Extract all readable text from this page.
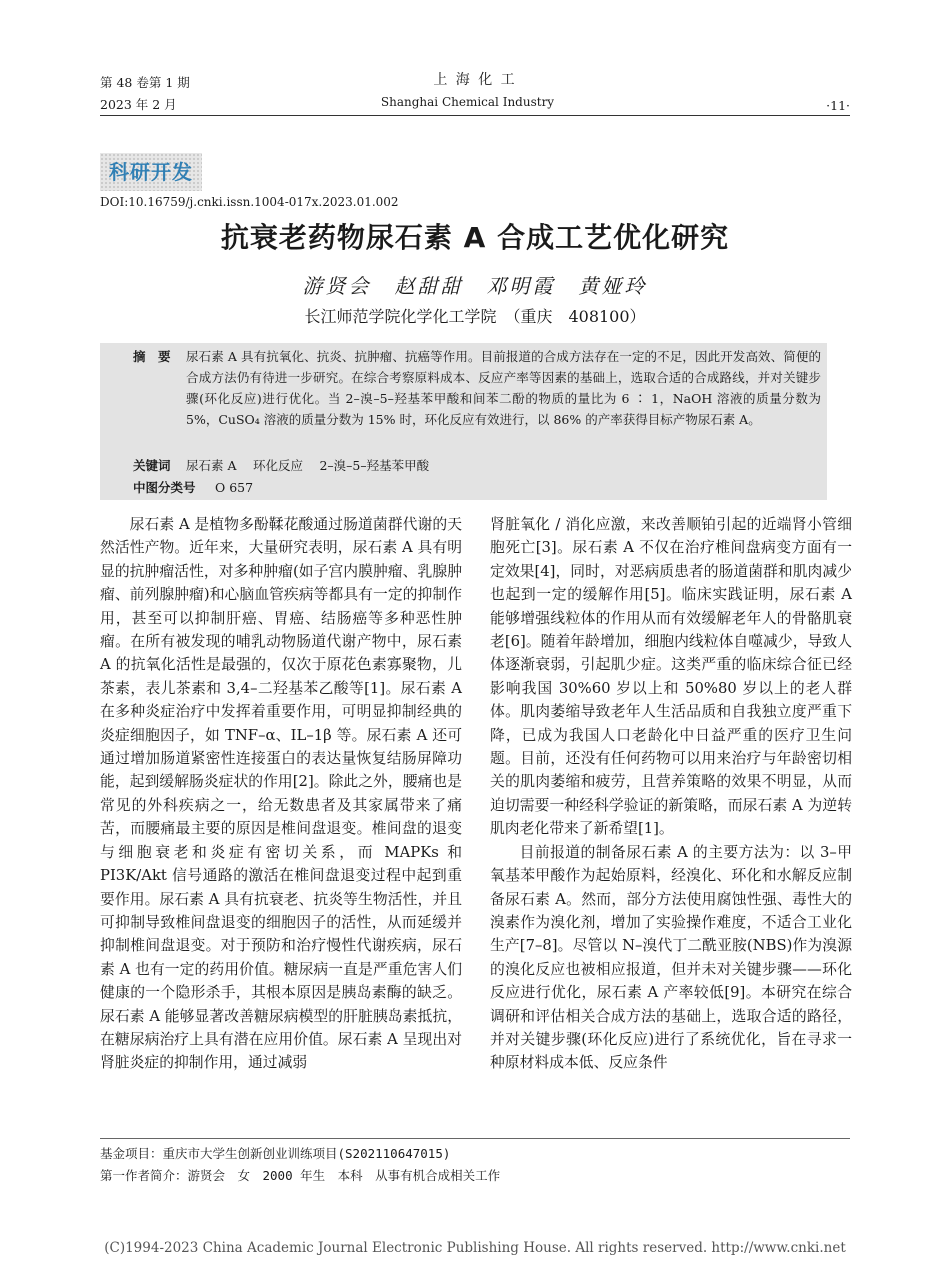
第 48 卷第 1 期
2023 年 2 月
上 海 化 工
Shanghai Chemical Industry	·11·
科研开发
DOI:10.16759/j.cnki.issn.1004-017x.2023.01.002
抗衰老药物尿石素 A 合成工艺优化研究
游贤会　赵甜甜　邓明霞　黄娅玲
长江师范学院化学化工学院　（重庆　408100）
摘　要 尿石素 A 具有抗氧化、抗炎、抗肿瘤、抗癌等作用。目前报道的合成方法存在一定的不足，因此开发高效、简便的合成方法仍有待进一步研究。在综合考察原料成本、反应产率等因素的基础上，选取合适的合成路线，并对关键步骤(环化反应)进行优化。当 2–溴–5–羟基苯甲酸和间苯二酚的物质的量比为 6 ∶ 1，NaOH 溶液的质量分数为 5%，CuSO₄ 溶液的质量分数为 15% 时，环化反应有效进行，以 86% 的产率获得目标产物尿石素 A。
关键词 尿石素 A　 环化反应　 2–溴–5–羟基苯甲酸
中图分类号 O 657

尿石素 A 是植物多酚鞣花酸通过肠道菌群代谢的天然活性产物。近年来，大量研究表明，尿石素 A 具有明显的抗肿瘤活性，对多种肿瘤(如子宫内膜肿瘤、乳腺肿瘤、前列腺肿瘤)和心脑血管疾病等都具有一定的抑制作用，甚至可以抑制肝癌、胃癌、结肠癌等多种恶性肿瘤。在所有被发现的哺乳动物肠道代谢产物中，尿石素 A 的抗氧化活性是最强的，仅次于原花色素寡聚物，儿茶素，表儿茶素和 3,4–二羟基苯乙酸等[1]。尿石素 A 在多种炎症治疗中发挥着重要作用，可明显抑制经典的炎症细胞因子，如 TNF–α、IL–1β 等。尿石素 A 还可通过增加肠道紧密性连接蛋白的表达量恢复结肠屏障功能，起到缓解肠炎症状的作用[2]。除此之外，腰痛也是常见的外科疾病之一，给无数患者及其家属带来了痛苦，而腰痛最主要的原因是椎间盘退变。椎间盘的退变与细胞衰老和炎症有密切关系，而 MAPKs 和 PI3K/Akt 信号通路的激活在椎间盘退变过程中起到重要作用。尿石素 A 具有抗衰老、抗炎等生物活性，并且可抑制导致椎间盘退变的细胞因子的活性，从而延缓并抑制椎间盘退变。对于预防和治疗慢性代谢疾病，尿石素 A 也有一定的药用价值。糖尿病一直是严重危害人们健康的一个隐形杀手，其根本原因是胰岛素酶的缺乏。尿石素 A 能够显著改善糖尿病模型的肝脏胰岛素抵抗，在糖尿病治疗上具有潜在应用价值。尿石素 A 呈现出对肾脏炎症的抑制作用，通过减弱

肾脏氧化 / 消化应激，来改善顺铂引起的近端肾小管细胞死亡[3]。尿石素 A 不仅在治疗椎间盘病变方面有一定效果[4]，同时，对恶病质患者的肠道菌群和肌肉减少也起到一定的缓解作用[5]。临床实践证明，尿石素 A 能够增强线粒体的作用从而有效缓解老年人的骨骼肌衰老[6]。随着年龄增加，细胞内线粒体自噬减少，导致人体逐渐衰弱，引起肌少症。这类严重的临床综合征已经影响我国 30%60 岁以上和 50%80 岁以上的老人群体。肌肉萎缩导致老年人生活品质和自我独立度严重下降，已成为我国人口老龄化中日益严重的医疗卫生问题。目前，还没有任何药物可以用来治疗与年龄密切相关的肌肉萎缩和疲劳，且营养策略的效果不明显，从而迫切需要一种经科学验证的新策略，而尿石素 A 为逆转肌肉老化带来了新希望[1]。

目前报道的制备尿石素 A 的主要方法为：以 3–甲氧基苯甲酸作为起始原料，经溴化、环化和水解反应制备尿石素 A。然而，部分方法使用腐蚀性强、毒性大的溴素作为溴化剂，增加了实验操作难度，不适合工业化生产[7–8]。尽管以 N–溴代丁二酰亚胺(NBS)作为溴源的溴化反应也被相应报道，但并未对关键步骤——环化反应进行优化，尿石素 A 产率较低[9]。本研究在综合调研和评估相关合成方法的基础上，选取合适的路径，并对关键步骤(环化反应)进行了系统优化，旨在寻求一种原材料成本低、反应条件

基金项目：重庆市大学生创新创业训练项目(S202110647015)
第一作者简介：游贤会　女　2000 年生　本科　从事有机合成相关工作
(C)1994-2023 China Academic Journal Electronic Publishing House. All rights reserved. http://www.cnki.net
